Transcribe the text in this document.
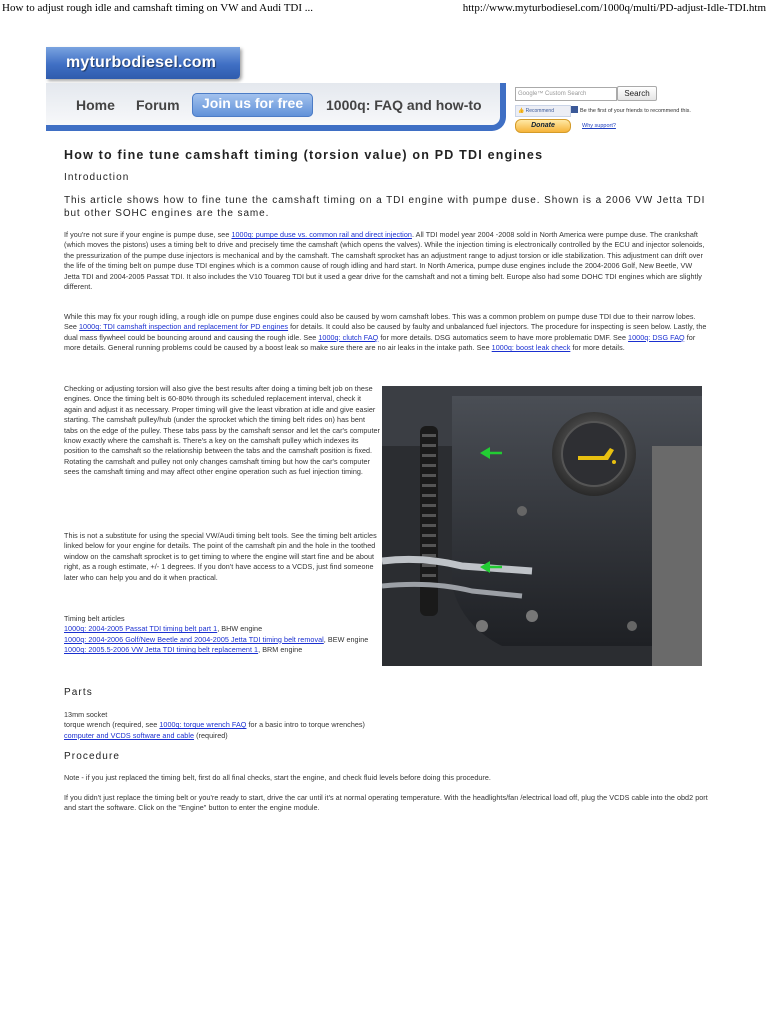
How to adjust rough idle and camshaft timing on VW and Audi TDI ...	http://www.myturbodiesel.com/1000q/multi/PD-adjust-Idle-TDI.htm
myturbodiesel.com
Home Forum	Join us for free	1000q: FAQ and how-to
Google™ Custom Search	Search
👍 Recommend	Be the first of your friends to recommend this.
Donate	Why support?
How to fine tune camshaft timing (torsion value) on PD TDI engines
Introduction
This article shows how to fine tune the camshaft timing on a TDI engine with pumpe duse. Shown is a 2006 VW Jetta TDI but other SOHC engines are the same.
If you're not sure if your engine is pumpe duse, see 1000q: pumpe duse vs. common rail and direct injection. All TDI model year 2004 -2008 sold in North America were pumpe duse. The crankshaft (which moves the pistons) uses a timing belt to drive and precisely time the camshaft (which opens the valves). While the injection timing is electronically controlled by the ECU and injector solenoids, the pressurization of the pumpe duse injectors is mechanical and by the camshaft. The camshaft sprocket has an adjustment range to adjust torsion or idle stabilization. This adjustment can drift over the life of the timing belt on pumpe duse TDI engines which is a common cause of rough idling and hard start. In North America, pumpe duse engines include the 2004-2006 Golf, New Beetle, VW Jetta TDI and 2004-2005 Passat TDI. It also includes the V10 Touareg TDI but it used a gear drive for the camshaft and not a timing belt. Europe also had some DOHC TDI engines which are slightly different.
While this may fix your rough idling, a rough idle on pumpe duse engines could also be caused by worn camshaft lobes. This was a common problem on pumpe duse TDI due to their narrow lobes. See 1000q: TDI camshaft inspection and replacement for PD engines for details. It could also be caused by faulty and unbalanced fuel injectors. The procedure for inspecting is seen below. Lastly, the dual mass flywheel could be bouncing around and causing the rough idle. See 1000q: clutch FAQ for more details. DSG automatics seem to have more problematic DMF. See 1000q: DSG FAQ for more details. General running problems could be caused by a boost leak so make sure there are no air leaks in the intake path. See 1000q: boost leak check for more details.
Checking or adjusting torsion will also give the best results after doing a timing belt job on these engines. Once the timing belt is 60-80% through its scheduled replacement interval, check it again and adjust it as necessary. Proper timing will give the least vibration at idle and give easier starting. The camshaft pulley/hub (under the sprocket which the timing belt rides on) has bent tabs on the edge of the pulley. These tabs pass by the camshaft sensor and let the car's computer know exactly where the camshaft is. There's a key on the camshaft pulley which indexes its position to the camshaft so the relationship between the tabs and the camshaft position is fixed. Rotating the camshaft and pulley not only changes camshaft timing but how the car's computer sees the camshaft timing and may affect other engine operation such as fuel injection timing.
This is not a substitute for using the special VW/Audi timing belt tools. See the timing belt articles linked below for your engine for details. The point of the camshaft pin and the hole in the toothed window on the camshaft sprocket is to get timing to where the engine will start fine and be about right, as a rough estimate, +/- 1 degrees. If you don't have access to a VCDS, just find someone later who can help you and do it when practical.
Timing belt articles
1000q: 2004-2005 Passat TDI timing belt part 1, BHW engine
1000q: 2004-2006 Golf/New Beetle and 2004-2005 Jetta TDI timing belt removal, BEW engine
1000q: 2005.5-2006 VW Jetta TDI timing belt replacement 1, BRM engine
Parts
13mm socket
torque wrench (required, see 1000q: torque wrench FAQ for a basic intro to torque wrenches)
computer and VCDS software and cable (required)
Procedure
Note - if you just replaced the timing belt, first do all final checks, start the engine, and check fluid levels before doing this procedure.
If you didn't just replace the timing belt or you're ready to start, drive the car until it's at normal operating temperature. With the headlights/fan /electrical load off, plug the VCDS cable into the obd2 port and start the software. Click on the "Engine" button to enter the engine module.
